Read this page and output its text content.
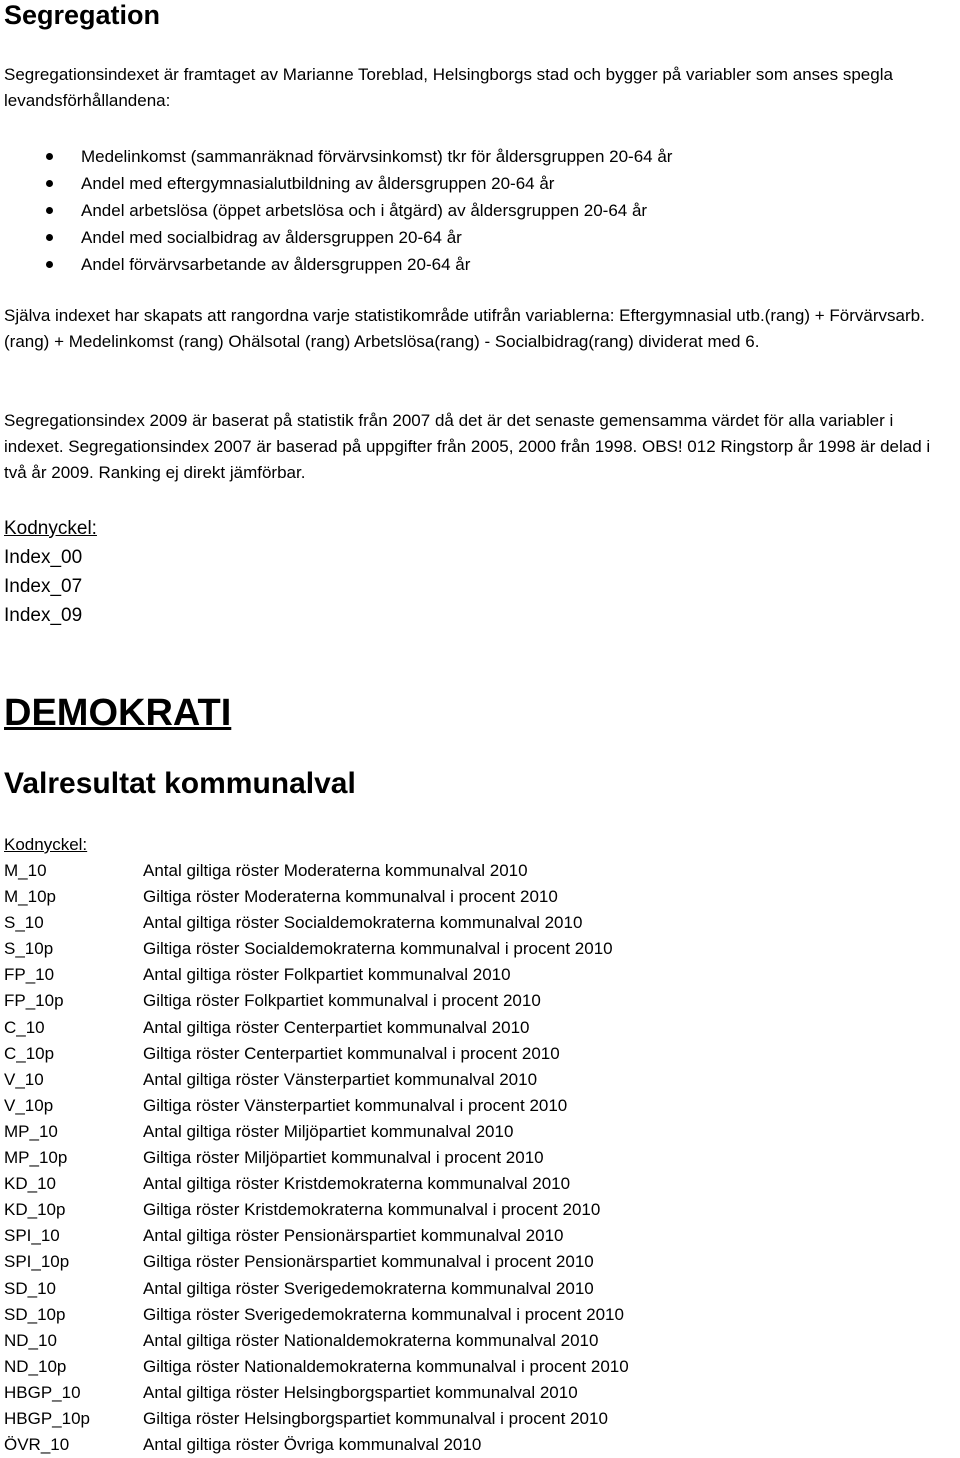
Segregation
Segregationsindexet är framtaget av Marianne Toreblad, Helsingborgs stad och bygger på variabler som anses spegla levandsförhållandena:
Medelinkomst (sammanräknad förvärvsinkomst) tkr för åldersgruppen 20-64 år
Andel med eftergymnasialutbildning av åldersgruppen 20-64 år
Andel arbetslösa (öppet arbetslösa och i åtgärd) av åldersgruppen 20-64 år
Andel med socialbidrag av åldersgruppen 20-64 år
Andel förvärvsarbetande av åldersgruppen 20-64 år
Själva indexet har skapats att rangordna varje statistikområde utifrån variablerna: Eftergymnasial utb.(rang) + Förvärvsarb.(rang) + Medelinkomst (rang) Ohälsotal (rang) Arbetslösa(rang) - Socialbidrag(rang) dividerat med 6.
Segregationsindex 2009 är baserat på statistik från 2007 då det är det senaste gemensamma värdet för alla variabler i indexet. Segregationsindex 2007 är baserad på uppgifter från 2005, 2000 från 1998. OBS! 012 Ringstorp år 1998 är delad i två år 2009. Ranking ej direkt jämförbar.
Kodnyckel:
Index_00
Index_07
Index_09
DEMOKRATI
Valresultat kommunalval
Kodnyckel:
M_10	Antal giltiga röster Moderaterna kommunalval 2010
M_10p	Giltiga röster Moderaterna kommunalval i procent 2010
S_10	Antal giltiga röster Socialdemokraterna kommunalval 2010
S_10p	Giltiga röster Socialdemokraterna kommunalval i procent 2010
FP_10	Antal giltiga röster Folkpartiet kommunalval 2010
FP_10p	Giltiga röster Folkpartiet kommunalval i procent 2010
C_10	Antal giltiga röster Centerpartiet kommunalval 2010
C_10p	Giltiga röster Centerpartiet kommunalval i procent 2010
V_10	Antal giltiga röster Vänsterpartiet kommunalval 2010
V_10p	Giltiga röster Vänsterpartiet kommunalval i procent 2010
MP_10	Antal giltiga röster Miljöpartiet kommunalval 2010
MP_10p	Giltiga röster Miljöpartiet kommunalval i procent 2010
KD_10	Antal giltiga röster Kristdemokraterna kommunalval 2010
KD_10p	Giltiga röster Kristdemokraterna kommunalval i procent 2010
SPI_10	Antal giltiga röster Pensionärspartiet kommunalval 2010
SPI_10p	Giltiga röster Pensionärspartiet kommunalval i procent 2010
SD_10	Antal giltiga röster Sverigedemokraterna kommunalval 2010
SD_10p	Giltiga röster Sverigedemokraterna kommunalval i procent 2010
ND_10	Antal giltiga röster Nationaldemokraterna kommunalval 2010
ND_10p	Giltiga röster Nationaldemokraterna kommunalval i procent 2010
HBGP_10	Antal giltiga röster Helsingborgspartiet kommunalval 2010
HBGP_10p	Giltiga röster Helsingborgspartiet kommunalval i procent 2010
ÖVR_10	Antal giltiga röster Övriga kommunalval 2010
